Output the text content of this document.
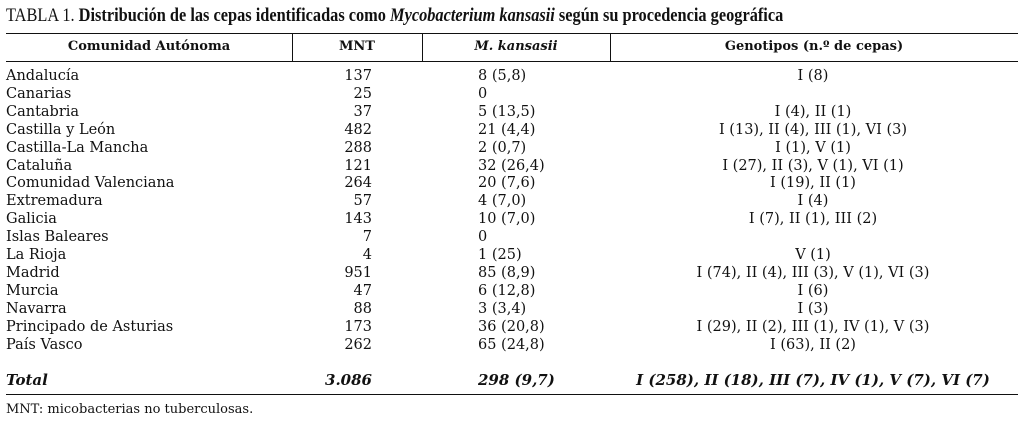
TABLA 1. Distribución de las cepas identificadas como Mycobacterium kansasii según su procedencia geográfica
Comunidad Autónoma	MNT	M. kansasii	Genotipos (n.º de cepas)
Andalucía	137	8 (5,8)	I (8)
Canarias	25	0
Cantabria	37	5 (13,5)	I (4), II (1)
Castilla y León	482	21 (4,4)	I (13), II (4), III (1), VI (3)
Castilla-La Mancha	288	2 (0,7)	I (1), V (1)
Cataluña	121	32 (26,4)	I (27), II (3), V (1), VI (1)
Comunidad Valenciana	264	20 (7,6)	I (19), II (1)
Extremadura	57	4 (7,0)	I (4)
Galicia	143	10 (7,0)	I (7), II (1), III (2)
Islas Baleares	7	0
La Rioja	4	1 (25)	V (1)
Madrid	951	85 (8,9)	I (74), II (4), III (3), V (1), VI (3)
Murcia	47	6 (12,8)	I (6)
Navarra	88	3 (3,4)	I (3)
Principado de Asturias	173	36 (20,8)	I (29), II (2), III (1), IV (1), V (3)
País Vasco	262	65 (24,8)	I (63), II (2)
Total	3.086	298 (9,7)	I (258), II (18), III (7), IV (1), V (7), VI (7)
MNT: micobacterias no tuberculosas.
